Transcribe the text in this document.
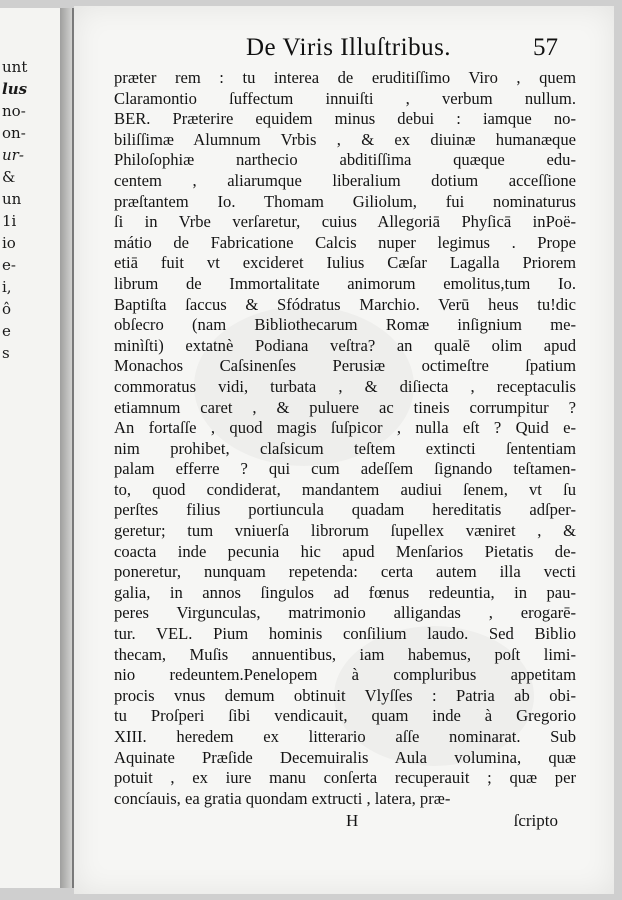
unt
lus
no-
on-
ur-
&
un
1i
io
e-
i,
ô
e
s
De Viris Illuſtribus.	57
præter rem : tu interea de eruditiſſimo Viro , quem
Claramontio ſuffectum innuiſti , verbum nullum.
BER. Præterire equidem minus debui : iamque no-
biliſſimæ Alumnum Vrbis , & ex diuinæ humanæque
Philoſophiæ narthecio abditiſſima quæque edu-
centem , aliarumque liberalium dotium acceſſione
præſtantem Io. Thomam Giliolum, fui nominaturus
ſi in Vrbe verſaretur, cuius Allegoriā Phyſicā inPoë-
mátio de Fabricatione Calcis nuper legimus . Prope
etiā fuit vt excideret Iulius Cæſar Lagalla Priorem
librum de Immortalitate animorum emolitus,tum Io.
Baptiſta ſaccus & Sfódratus Marchio. Verū heus tu!dic
obſecro (nam Bibliothecarum Romæ inſignium me-
minìſti) extatnè Podiana veſtra? an qualē olim apud
Monachos Caſsinenſes Perusiæ octimeſtre ſpatium
commoratus vidi, turbata , & diſiecta , receptaculis
etiamnum caret , & puluere ac tineis corrumpitur ?
An fortaſſe , quod magis ſuſpicor , nulla eſt ? Quid e-
nim prohibet, claſsicum teſtem extincti ſententiam
palam efferre ? qui cum adeſſem ſignando teſtamen-
to, quod condiderat, mandantem audiui ſenem, vt ſu
perſtes filius portiuncula quadam hereditatis adſper-
geretur; tum vniuerſa librorum ſupellex væniret , &
coacta inde pecunia hic apud Menſarios Pietatis de-
poneretur, nunquam repetenda: certa autem illa vecti
galia, in annos ſingulos ad fœnus redeuntia, in pau-
peres Virgunculas, matrimonio alligandas , erogarē-
tur. VEL. Pium hominis conſilium laudo. Sed Biblio
thecam, Muſis annuentibus, iam habemus, poſt limi-
nio redeuntem.Penelopem à compluribus appetitam
procis vnus demum obtinuit Vlyſſes : Patria ab obi-
tu Proſperi ſibi vendicauit, quam inde à Gregorio
XIII. heredem ex litterario aſſe nominarat. Sub
Aquinate Præſide Decemuiralis Aula volumina, quæ
potuit , ex iure manu conſerta recuperauit ; quæ per
concíauis, ea gratia quondam extructi , latera, præ-
H	ſcripto
